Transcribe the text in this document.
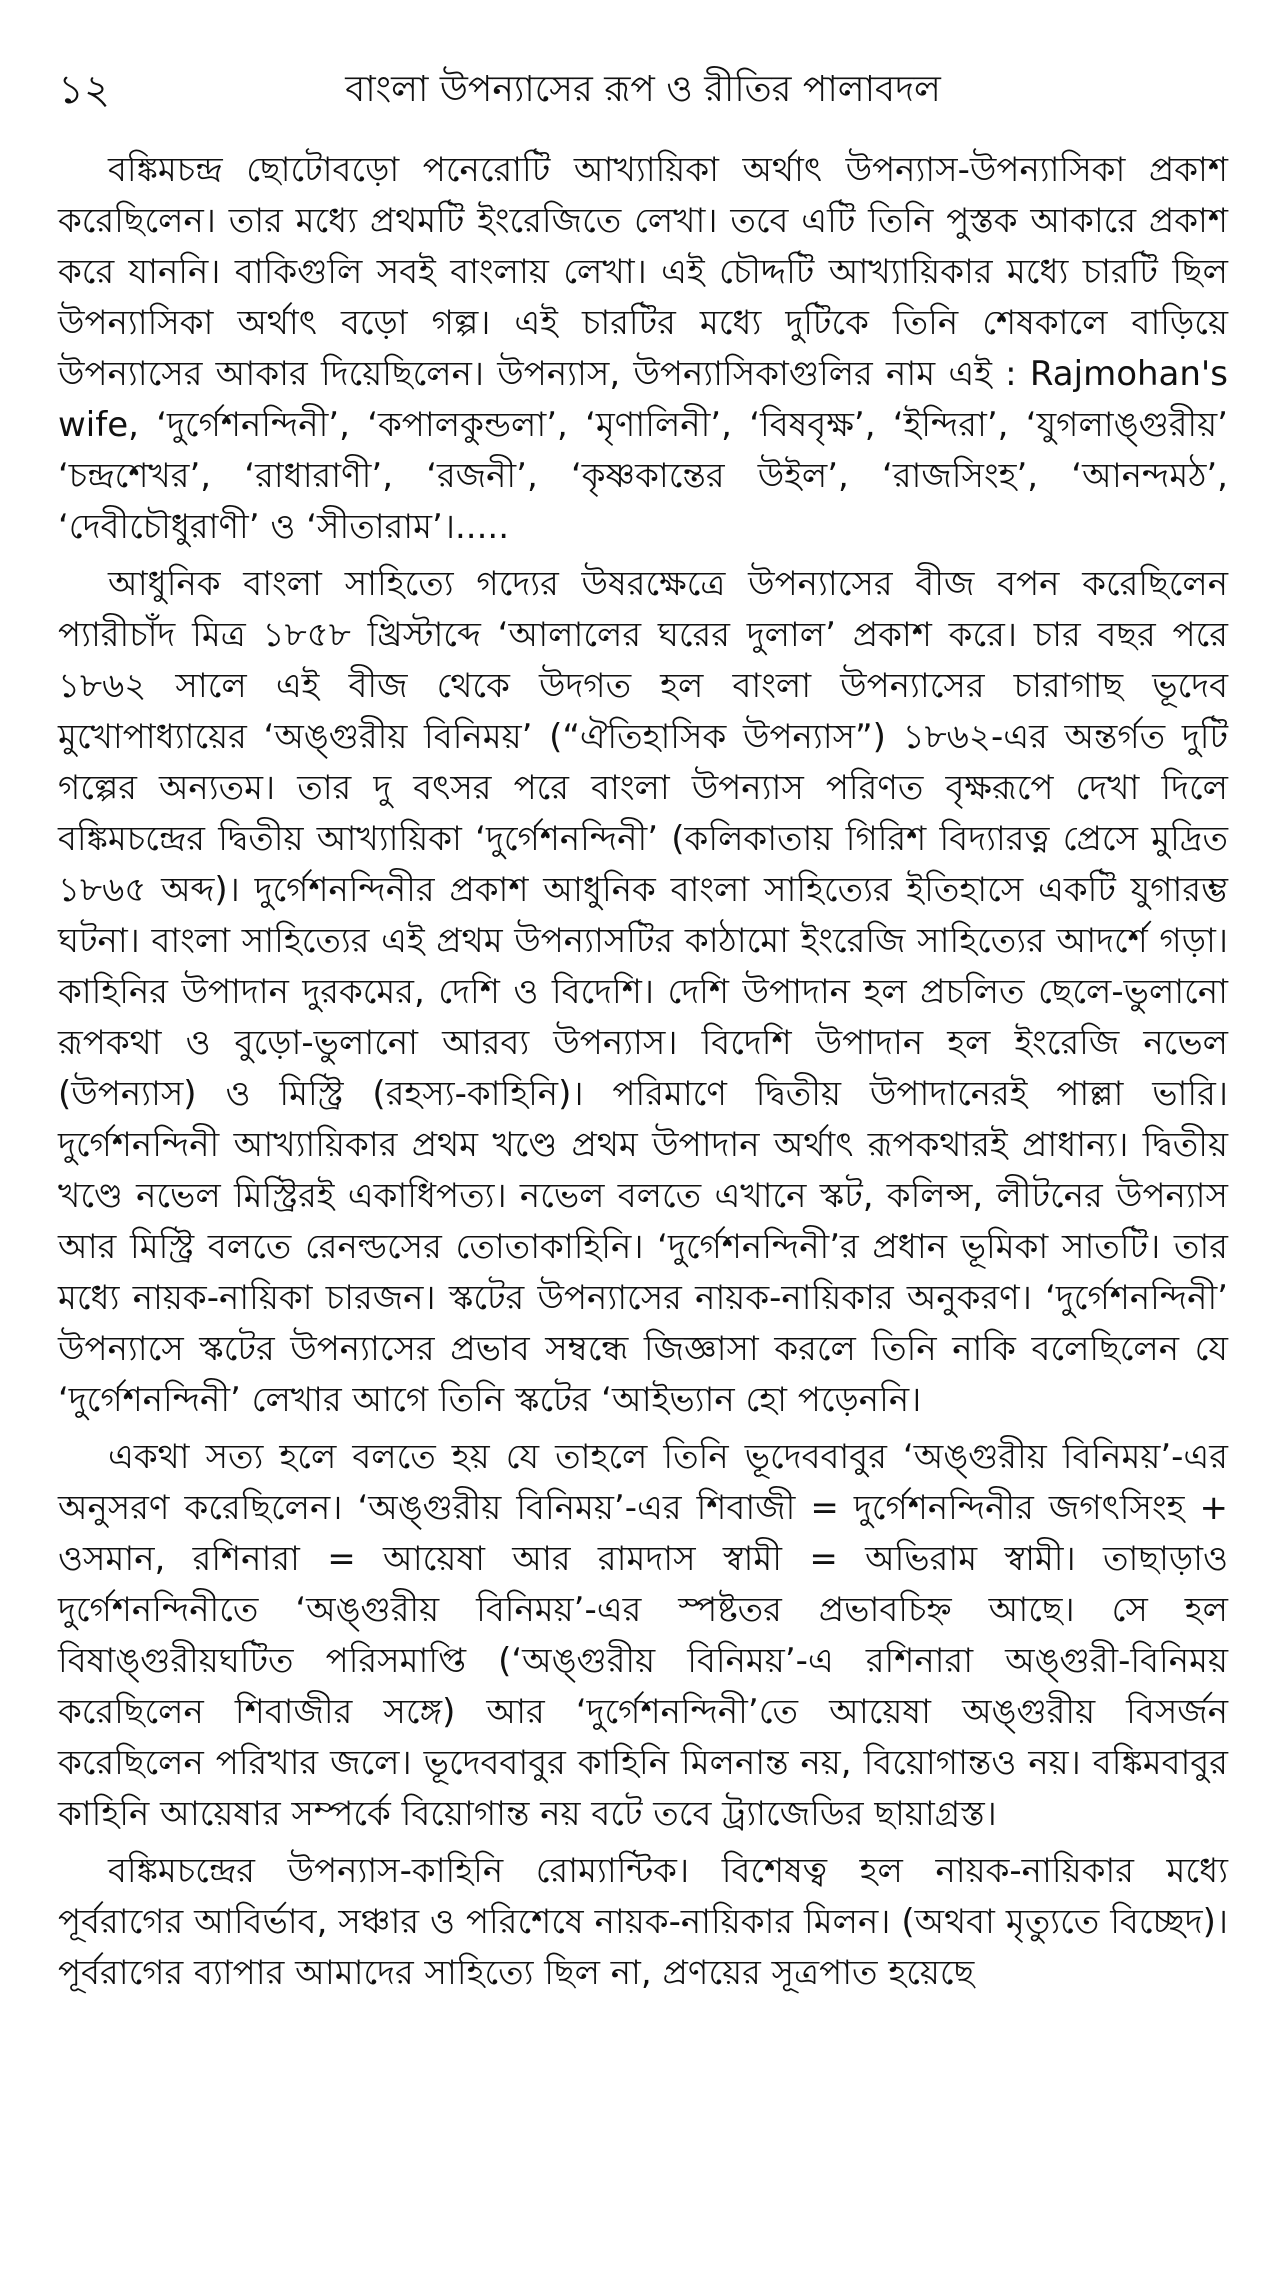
১২	বাংলা উপন্যাসের রূপ ও রীতির পালাবদল

বঙ্কিমচন্দ্র ছোটোবড়ো পনেরোটি আখ্যায়িকা অর্থাৎ উপন্যাস-উপন্যাসিকা প্রকাশ করেছিলেন। তার মধ্যে প্রথমটি ইংরেজিতে লেখা। তবে এটি তিনি পুস্তক আকারে প্রকাশ করে যাননি। বাকিগুলি সবই বাংলায় লেখা। এই চৌদ্দটি আখ্যায়িকার মধ্যে চারটি ছিল উপন্যাসিকা অর্থাৎ বড়ো গল্প। এই চারটির মধ্যে দুটিকে তিনি শেষকালে বাড়িয়ে উপন্যাসের আকার দিয়েছিলেন। উপন্যাস, উপন্যাসিকাগুলির নাম এই : Rajmohan's wife, ‘দুর্গেশনন্দিনী’, ‘কপালকুন্ডলা’, ‘মৃণালিনী’, ‘বিষবৃক্ষ’, ‘ইন্দিরা’, ‘যুগলাঙ্গুরীয়’ ‘চন্দ্রশেখর’, ‘রাধারাণী’, ‘রজনী’, ‘কৃষ্ণকান্তের উইল’, ‘রাজসিংহ’, ‘আনন্দমঠ’, ‘দেবীচৌধুরাণী’ ও ‘সীতারাম’।.....

আধুনিক বাংলা সাহিত্যে গদ্যের উষরক্ষেত্রে উপন্যাসের বীজ বপন করেছিলেন প্যারীচাঁদ মিত্র ১৮৫৮ খ্রিস্টাব্দে ‘আলালের ঘরের দুলাল’ প্রকাশ করে। চার বছর পরে ১৮৬২ সালে এই বীজ থেকে উদগত হল বাংলা উপন্যাসের চারাগাছ ভূদেব মুখোপাধ্যায়ের ‘অঙ্গুরীয় বিনিময়’ (“ঐতিহাসিক উপন্যাস”) ১৮৬২-এর অন্তর্গত দুটি গল্পের অন্যতম। তার দু বৎসর পরে বাংলা উপন্যাস পরিণত বৃক্ষরূপে দেখা দিলে বঙ্কিমচন্দ্রের দ্বিতীয় আখ্যায়িকা ‘দুর্গেশনন্দিনী’ (কলিকাতায় গিরিশ বিদ্যারত্ন প্রেসে মুদ্রিত ১৮৬৫ অব্দ)। দুর্গেশনন্দিনীর প্রকাশ আধুনিক বাংলা সাহিত্যের ইতিহাসে একটি যুগারম্ভ ঘটনা। বাংলা সাহিত্যের এই প্রথম উপন্যাসটির কাঠামো ইংরেজি সাহিত্যের আদর্শে গড়া। কাহিনির উপাদান দুরকমের, দেশি ও বিদেশি। দেশি উপাদান হল প্রচলিত ছেলে-ভুলানো রূপকথা ও বুড়ো-ভুলানো আরব্য উপন্যাস। বিদেশি উপাদান হল ইংরেজি নভেল (উপন্যাস) ও মিস্ট্রি (রহস্য-কাহিনি)। পরিমাণে দ্বিতীয় উপাদানেরই পাল্লা ভারি। দুর্গেশনন্দিনী আখ্যায়িকার প্রথম খণ্ডে প্রথম উপাদান অর্থাৎ রূপকথারই প্রাধান্য। দ্বিতীয় খণ্ডে নভেল মিস্ট্রিরই একাধিপত্য। নভেল বলতে এখানে স্কট, কলিন্স, লীটনের উপন্যাস আর মিস্ট্রি বলতে রেনল্ডসের তোতাকাহিনি। ‘দুর্গেশনন্দিনী’র প্রধান ভূমিকা সাতটি। তার মধ্যে নায়ক-নায়িকা চারজন। স্কটের উপন্যাসের নায়ক-নায়িকার অনুকরণ। ‘দুর্গেশনন্দিনী’ উপন্যাসে স্কটের উপন্যাসের প্রভাব সম্বন্ধে জিজ্ঞাসা করলে তিনি নাকি বলেছিলেন যে ‘দুর্গেশনন্দিনী’ লেখার আগে তিনি স্কটের ‘আইভ্যান হো পড়েননি।

একথা সত্য হলে বলতে হয় যে তাহলে তিনি ভূদেববাবুর ‘অঙ্গুরীয় বিনিময়’-এর অনুসরণ করেছিলেন। ‘অঙ্গুরীয় বিনিময়’-এর শিবাজী = দুর্গেশনন্দিনীর জগৎসিংহ + ওসমান, রশিনারা = আয়েষা আর রামদাস স্বামী = অভিরাম স্বামী। তাছাড়াও দুর্গেশনন্দিনীতে ‘অঙ্গুরীয় বিনিময়’-এর স্পষ্টতর প্রভাবচিহ্ন আছে। সে হল বিষাঙ্গুরীয়ঘটিত পরিসমাপ্তি (‘অঙ্গুরীয় বিনিময়’-এ রশিনারা অঙ্গুরী-বিনিময় করেছিলেন শিবাজীর সঙ্গে) আর ‘দুর্গেশনন্দিনী’তে আয়েষা অঙ্গুরীয় বিসর্জন করেছিলেন পরিখার জলে। ভূদেববাবুর কাহিনি মিলনান্ত নয়, বিয়োগান্তও নয়। বঙ্কিমবাবুর কাহিনি আয়েষার সম্পর্কে বিয়োগান্ত নয় বটে তবে ট্র্যাজেডির ছায়াগ্রস্ত।

বঙ্কিমচন্দ্রের উপন্যাস-কাহিনি রোম্যান্টিক। বিশেষত্ব হল নায়ক-নায়িকার মধ্যে পূর্বরাগের আবির্ভাব, সঞ্চার ও পরিশেষে নায়ক-নায়িকার মিলন। (অথবা মৃত্যুতে বিচ্ছেদ)। পূর্বরাগের ব্যাপার আমাদের সাহিত্যে ছিল না, প্রণয়ের সূত্রপাত হয়েছে
